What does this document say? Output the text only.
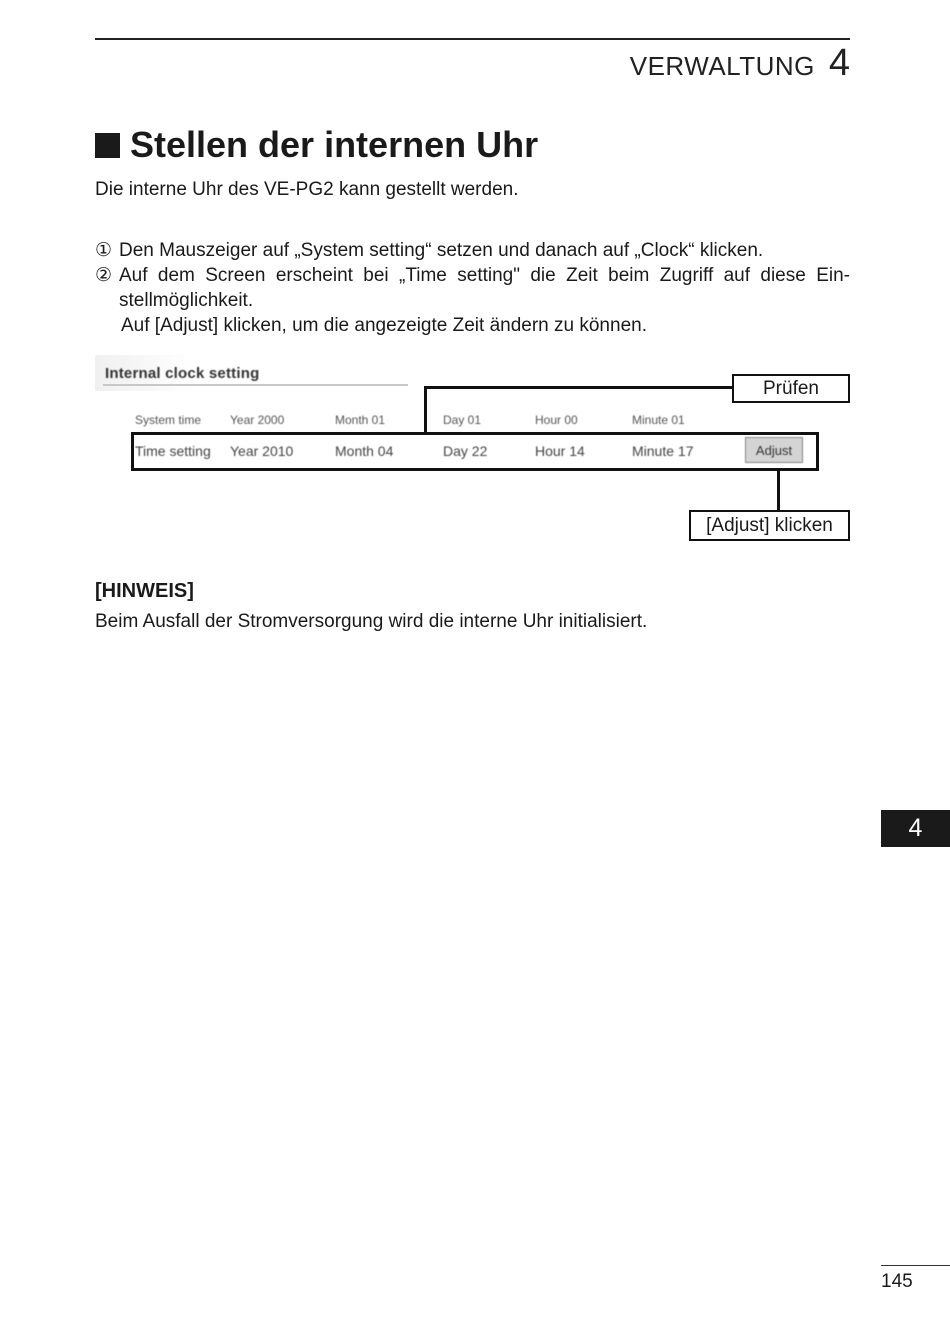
VERWALTUNG 4
Stellen der internen Uhr
Die interne Uhr des VE-PG2 kann gestellt werden.
① Den Mauszeiger auf „System setting“ setzen und danach auf „Clock“ klicken.
② Auf dem Screen erscheint bei „Time setting" die Zeit beim Zugriff auf diese Ein-stellmöglichkeit.
Auf [Adjust] klicken, um die angezeigte Zeit ändern zu können.
Internal clock setting
System time	Year 2000	Month 01	Day 01	Hour 00	Minute 01
Time setting	Year 2010	Month 04	Day 22	Hour 14	Minute 17	Adjust
Prüfen
[Adjust] klicken
[HINWEIS]
Beim Ausfall der Stromversorgung wird die interne Uhr initialisiert.
4
145
